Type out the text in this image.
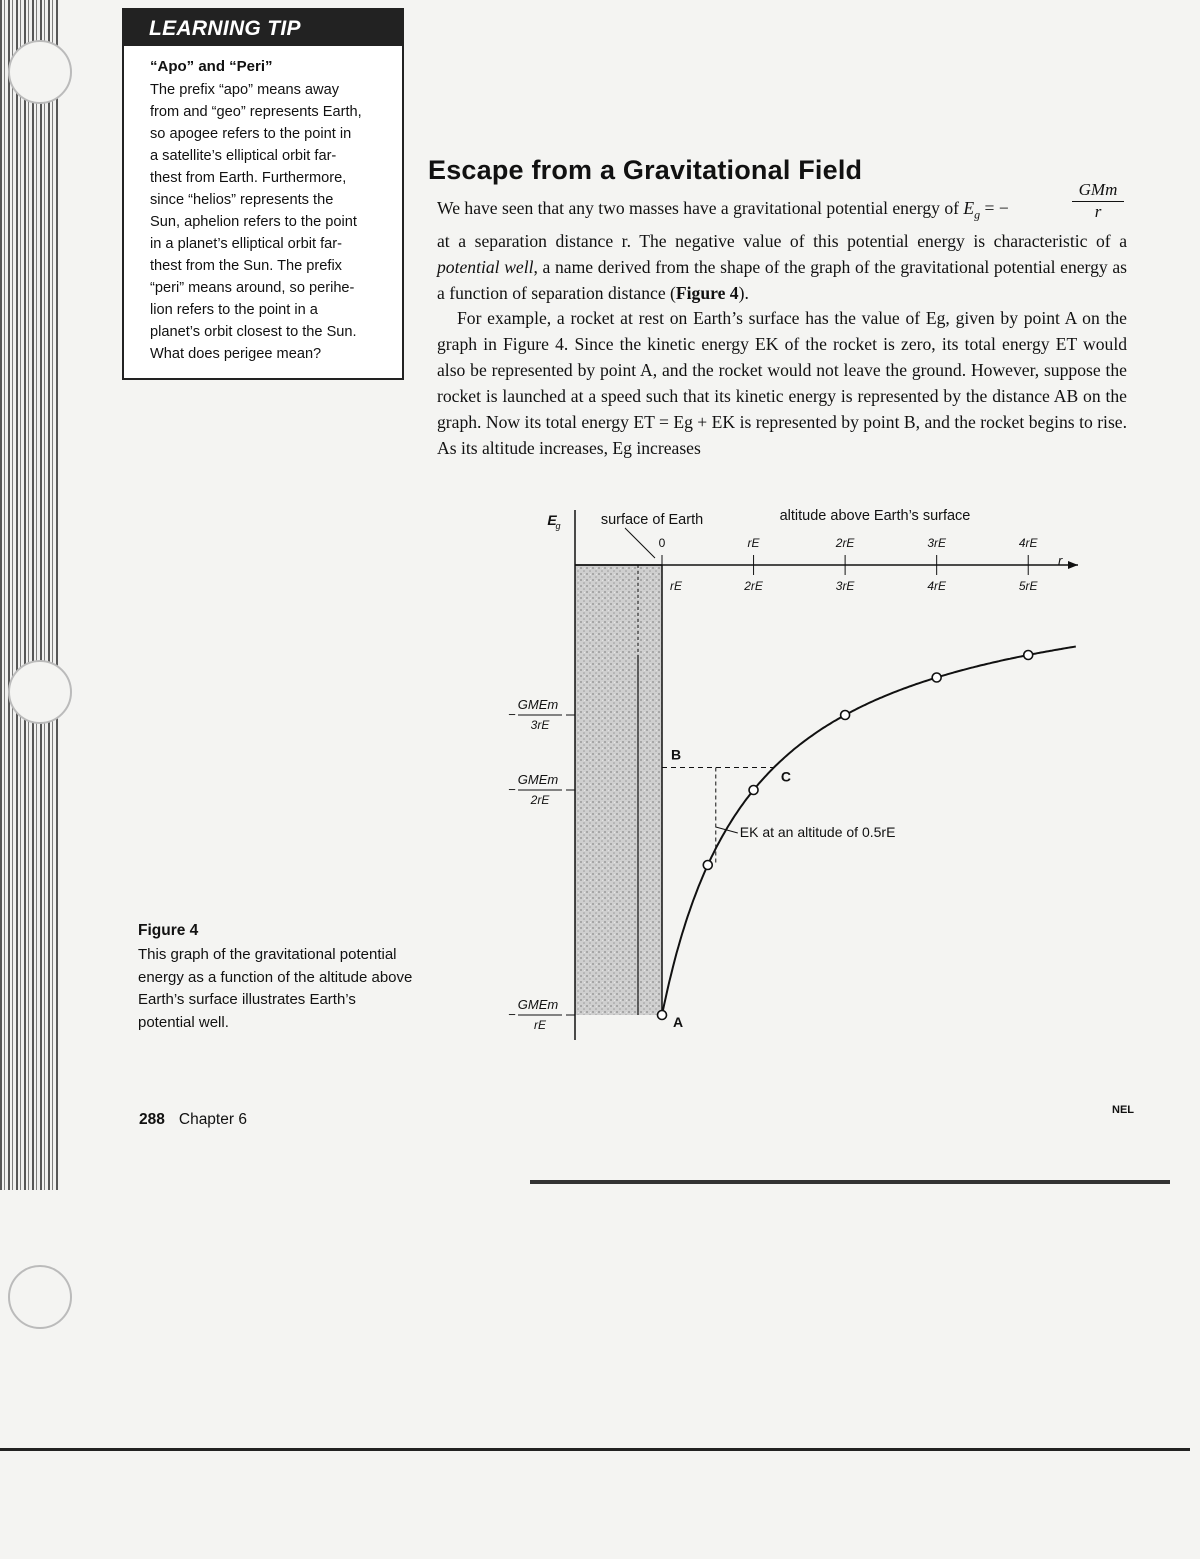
LEARNING TIP
“Apo” and “Peri”
The prefix “apo” means away
from and “geo” represents Earth,
so apogee refers to the point in
a satellite’s elliptical orbit far-
thest from Earth. Furthermore,
since “helios” represents the
Sun, aphelion refers to the point
in a planet’s elliptical orbit far-
thest from the Sun. The prefix
“peri” means around, so perihe-
lion refers to the point in a
planet’s orbit closest to the Sun.
What does perigee mean?
Escape from a Gravitational Field
GMm
r

We have seen that any two masses have a gravitational potential energy of $E_g$ = −
at a separation distance r. The negative value of this potential energy is characteristic of a potential well, a name derived from the shape of the graph of the gravitational potential energy as a function of separation distance (Figure 4).

For example, a rocket at rest on Earth’s surface has the value of Eg, given by point A on the graph in Figure 4. Since the kinetic energy EK of the rocket is zero, its total energy ET would also be represented by point A, and the rocket would not leave the ground. However, suppose the rocket is launched at a speed such that its kinetic energy is represented by the distance AB on the graph. Now its total energy ET = Eg + EK is represented by point B, and the rocket begins to rise. As its altitude increases, Eg increases

E
g
r
surface of Earth	altitude above Earth’s surface
0	rE	2rE	3rE	4rE
rE	2rE	3rE	4rE	5rE
GMEm
3rE
−
GMEm
2rE
−
GMEm
rE
−	A
B
C
EK at an altitude of 0.5rE
Figure 4
This graph of the gravitational potential energy as a function of the altitude above Earth’s surface illustrates Earth’s potential well.
288 Chapter 6
NEL
